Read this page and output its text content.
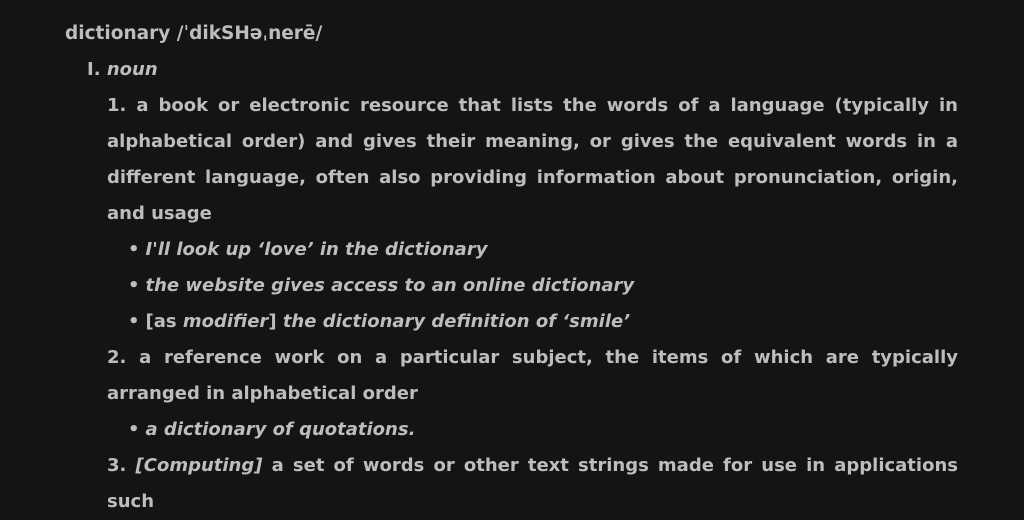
dictionary /ˈdikSHəˌnerē/
I. noun
1. a book or electronic resource that lists the words of a language (typically in alphabetical order) and gives their meaning, or gives the equivalent words in a different language, often also providing information about pronunciation, origin, and usage
• I'll look up ‘love’ in the dictionary
• the website gives access to an online dictionary
• [as modifier] the dictionary definition of ‘smile’
2. a reference work on a particular subject, the items of which are typically arranged in alphabetical order
• a dictionary of quotations.
3. [Computing] a set of words or other text strings made for use in applications such
